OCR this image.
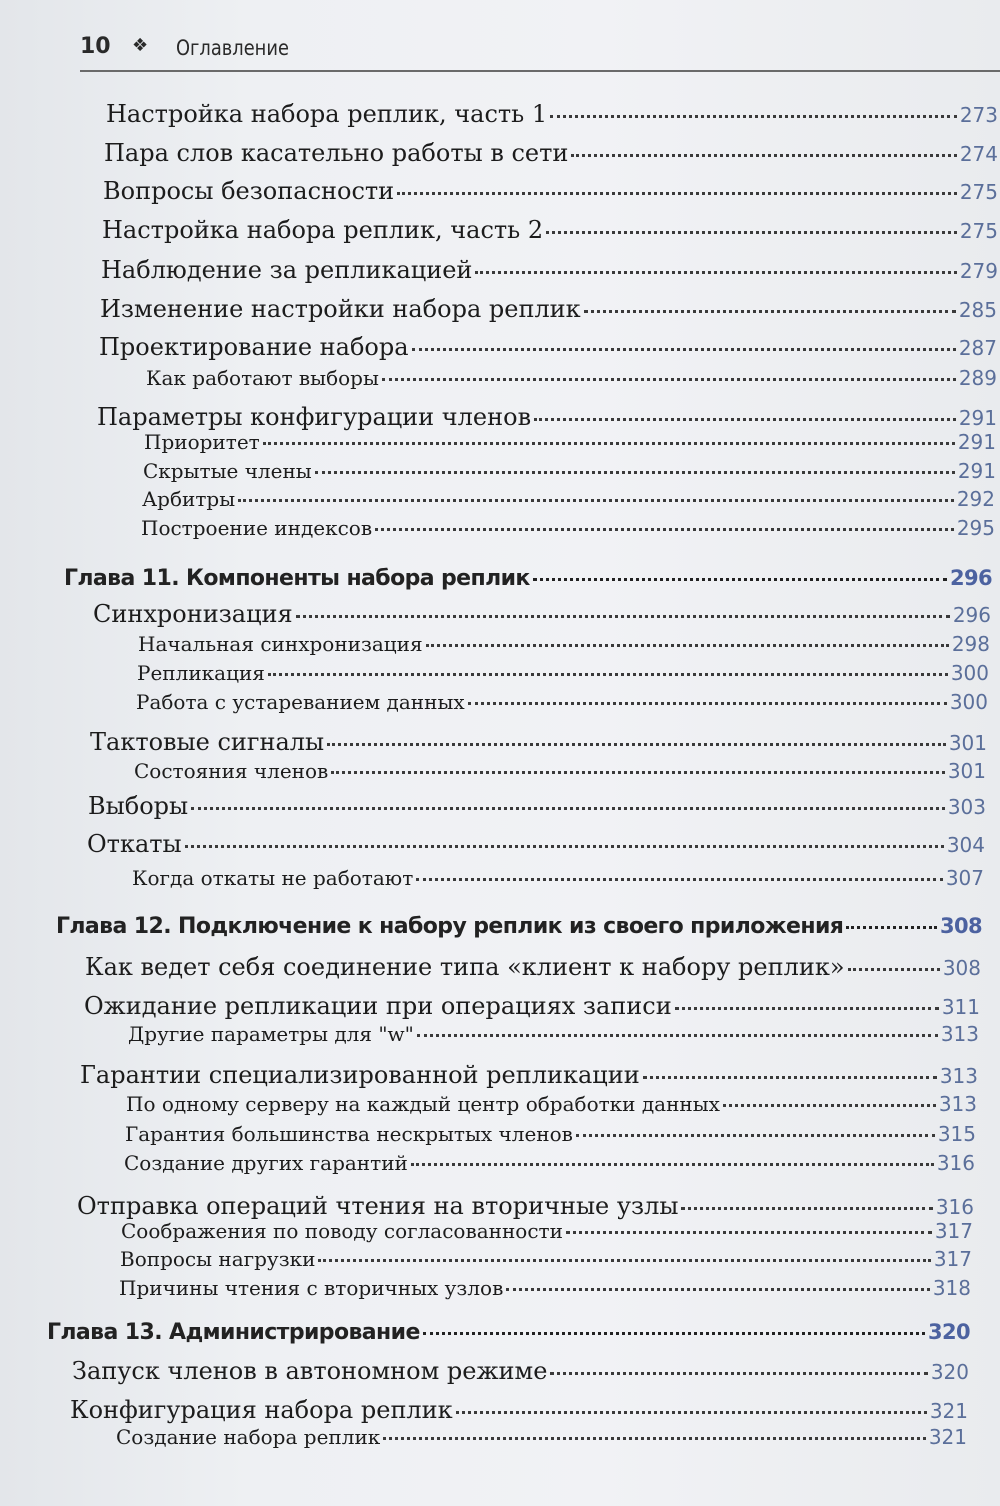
10 ❖ Оглавление
Настройка набора реплик, часть 1	273
Пара слов касательно работы в сети	274
Вопросы безопасности	275
Настройка набора реплик, часть 2	275
Наблюдение за репликацией	279
Изменение настройки набора реплик	285
Проектирование набора	287
Как работают выборы	289
Параметры конфигурации членов	291
Приоритет	291
Скрытые члены	291
Арбитры	292
Построение индексов	295
Глава 11. Компоненты набора реплик	296
Синхронизация	296
Начальная синхронизация	298
Репликация	300
Работа с устареванием данных	300
Тактовые сигналы	301
Состояния членов	301
Выборы	303
Откаты	304
Когда откаты не работают	307
Глава 12. Подключение к набору реплик из своего приложения	308
Как ведет себя соединение типа «клиент к набору реплик»	308
Ожидание репликации при операциях записи	311
Другие параметры для "w"	313
Гарантии специализированной репликации	313
По одному серверу на каждый центр обработки данных	313
Гарантия большинства нескрытых членов	315
Создание других гарантий	316
Отправка операций чтения на вторичные узлы	316
Соображения по поводу согласованности	317
Вопросы нагрузки	317
Причины чтения с вторичных узлов	318
Глава 13. Администрирование	320
Запуск членов в автономном режиме	320
Конфигурация набора реплик	321
Создание набора реплик	321
